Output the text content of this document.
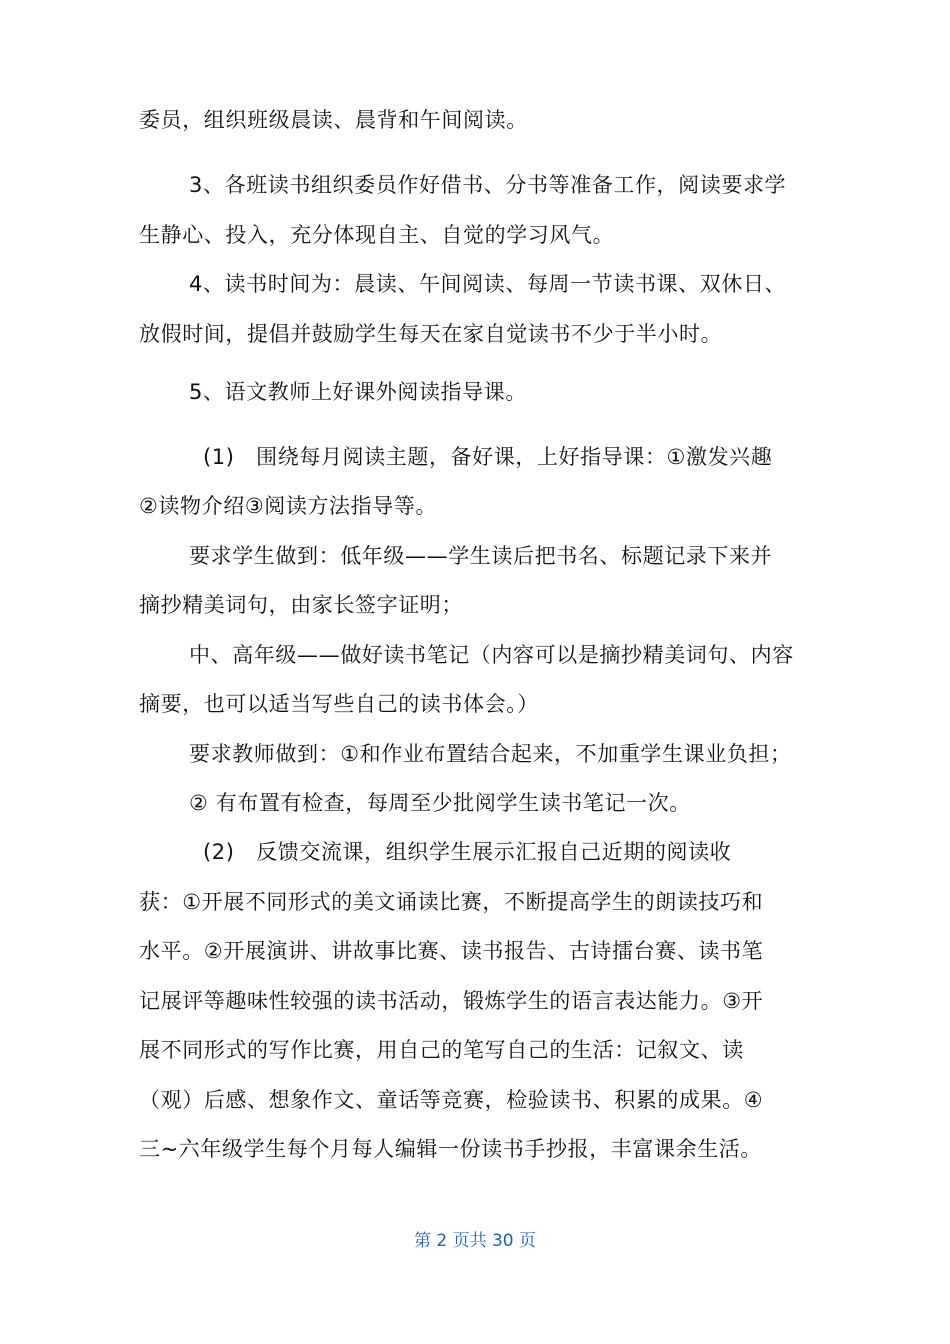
委员，组织班级晨读、晨背和午间阅读。
3、各班读书组织委员作好借书、分书等准备工作，阅读要求学
生静心、投入，充分体现自主、自觉的学习风气。
4、读书时间为：晨读、午间阅读、每周一节读书课、双休日、
放假时间，提倡并鼓励学生每天在家自觉读书不少于半小时。
5、语文教师上好课外阅读指导课。
(1)　围绕每月阅读主题，备好课，上好指导课：①激发兴趣
②读物介绍③阅读方法指导等。
要求学生做到：低年级——学生读后把书名、标题记录下来并
摘抄精美词句，由家长签字证明；
中、高年级——做好读书笔记（内容可以是摘抄精美词句、内容
摘要，也可以适当写些自己的读书体会。）
要求教师做到：①和作业布置结合起来，不加重学生课业负担；
② 有布置有检查，每周至少批阅学生读书笔记一次。
(2)　反馈交流课，组织学生展示汇报自己近期的阅读收
获：①开展不同形式的美文诵读比赛，不断提高学生的朗读技巧和
水平。②开展演讲、讲故事比赛、读书报告、古诗擂台赛、读书笔
记展评等趣味性较强的读书活动，锻炼学生的语言表达能力。③开
展不同形式的写作比赛，用自己的笔写自己的生活：记叙文、读
（观）后感、想象作文、童话等竞赛，检验读书、积累的成果。④
三~六年级学生每个月每人编辑一份读书手抄报，丰富课余生活。
第 2 页共 30 页
